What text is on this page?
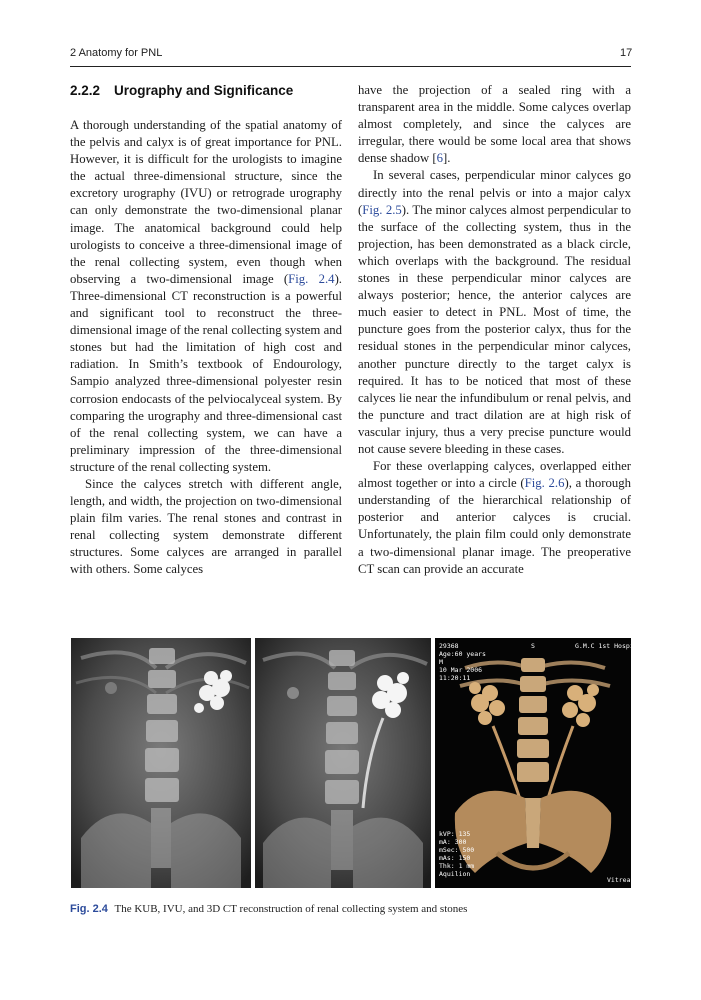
2 Anatomy for PNL	17
2.2.2 Urography and Significance

A thorough understanding of the spatial anatomy of the pelvis and calyx is of great importance for PNL. However, it is difficult for the urologists to imagine the actual three-dimensional structure, since the excretory urography (IVU) or retrograde urography can only demonstrate the two-dimensional planar image. The anatomical background could help urologists to conceive a three-dimensional image of the renal collecting system, even though when observing a two-dimensional image (Fig. 2.4). Three-dimensional CT reconstruction is a powerful and significant tool to reconstruct the three-dimensional image of the renal collecting system and stones but had the limitation of high cost and radiation. In Smith’s textbook of Endourology, Sampio analyzed three-dimensional polyester resin corrosion endocasts of the pelviocalyceal system. By comparing the urography and three-dimensional cast of the renal collecting system, we can have a preliminary impression of the three-dimensional structure of the renal collecting system.

Since the calyces stretch with different angle, length, and width, the projection on two-dimensional plain film varies. The renal stones and contrast in renal collecting system demonstrate different structures. Some calyces are arranged in parallel with others. Some calyces

have the projection of a sealed ring with a transparent area in the middle. Some calyces overlap almost completely, and since the calyces are irregular, there would be some local area that shows dense shadow [6].

In several cases, perpendicular minor calyces go directly into the renal pelvis or into a major calyx (Fig. 2.5). The minor calyces almost perpendicular to the surface of the collecting system, thus in the projection, has been demonstrated as a black circle, which overlaps with the background. The residual stones in these perpendicular minor calyces are always posterior; hence, the anterior calyces are much easier to detect in PNL. Most of time, the puncture goes from the posterior calyx, thus for the residual stones in the perpendicular minor calyces, another puncture directly to the target calyx is required. It has to be noticed that most of these calyces lie near the infundibulum or renal pelvis, and the puncture and tract dilation are at high risk of vascular injury, thus a very precise puncture would not cause severe bleeding in these cases.

For these overlapping calyces, overlapped either almost together or into a circle (Fig. 2.6), a thorough understanding of the hierarchical relationship of posterior and anterior calyces is crucial. Unfortunately, the plain film could only demonstrate a two-dimensional planar image. The preoperative CT scan can provide an accurate

29368
Age:60 years
M
10 Mar 2006
11:20:11
S	G.M.C 1st Hospital
kVP: 135
mA: 300
mSec: 500
mAs: 150
Thk: 1 mm
Aquilion
Vitrea
Fig. 2.4 The KUB, IVU, and 3D CT reconstruction of renal collecting system and stones
